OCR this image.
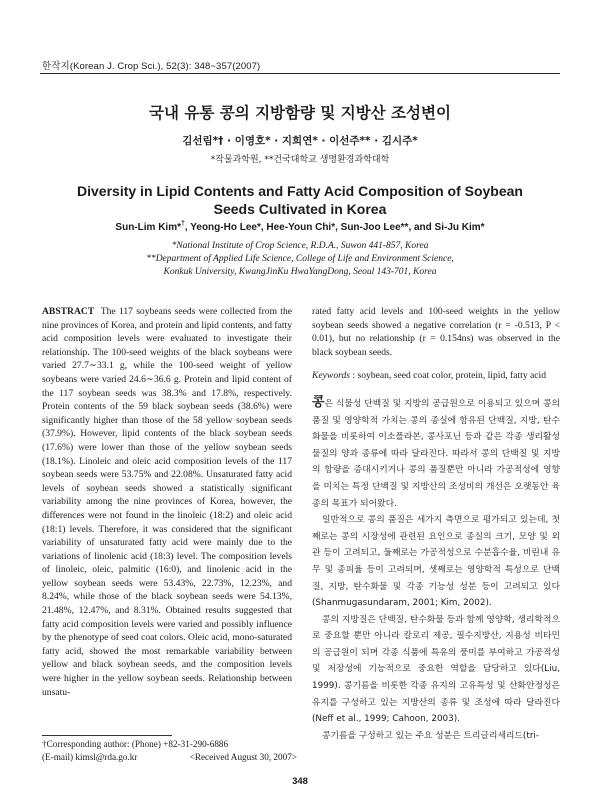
한작지(Korean J. Crop Sci.), 52(3): 348~357(2007)
국내 유통 콩의 지방함량 및 지방산 조성변이
김선림*† · 이영호* · 지희연* · 이선주** · 김시주*
*작물과학원, **건국대학교 생명환경과학대학
Diversity in Lipid Contents and Fatty Acid Composition of Soybean
Seeds Cultivated in Korea
Sun-Lim Kim*†, Yeong-Ho Lee*, Hee-Youn Chi*, Sun-Joo Lee**, and Si-Ju Kim*
*National Institute of Crop Science, R.D.A., Suwon 441-857, Korea
**Department of Applied Life Science, College of Life and Environment Science,
Konkuk University, KwangJinKu HwaYangDong, Seoul 143-701, Korea
ABSTRACT The 117 soybeans seeds were collected from the nine provinces of Korea, and protein and lipid contents, and fatty acid composition levels were evaluated to investigate their relationship. The 100-seed weights of the black soybeans were varied 27.7∼33.1 g, while the 100-seed weight of yellow soybeans were varied 24.6∼36.6 g. Protein and lipid content of the 117 soybean seeds was 38.3% and 17.8%, respectively. Protein contents of the 59 black soybean seeds (38.6%) were significantly higher than those of the 58 yellow soybean seeds (37.9%). However, lipid contents of the black soybean seeds (17.6%) were lower than those of the yellow soybean seeds (18.1%). Linoleic and oleic acid composition levels of the 117 soybean seeds were 53.75% and 22.08%. Unsaturated fatty acid levels of soybean seeds showed a statistically significant variability among the nine provinces of Korea, however, the differences were not found in the linoleic (18:2) and oleic acid (18:1) levels. Therefore, it was considered that the significant variability of unsaturated fatty acid were mainly due to the variations of linolenic acid (18:3) level. The composition levels of linoleic, oleic, palmitic (16:0), and linolenic acid in the yellow soybean seeds were 53.43%, 22.73%, 12.23%, and 8.24%, while those of the black soybean seeds were 54.13%, 21.48%, 12.47%, and 8.31%. Obtained results suggested that fatty acid composition levels were varied and possibly influence by the phenotype of seed coat colors. Oleic acid, mono-saturated fatty acid, showed the most remarkable variability between yellow and black soybean seeds, and the composition levels were higher in the yellow soybean seeds. Relationship between unsatu-
rated fatty acid levels and 100-seed weights in the yellow soybean seeds showed a negative correlation (r = -0.513, P < 0.01), but no relationship (r = 0.154ns) was observed in the black soybean seeds.
Keywords : soybean, seed coat color, protein, lipid, fatty acid

콩은 식물성 단백질 및 지방의 공급원으로 이용되고 있으며 콩의 품질 및 영양학적 가치는 콩의 종실에 함유된 단백질, 지방, 탄수화물을 비롯하여 이소플라본, 콩사포닌 등과 같은 각종 생리활성물질의 양과 종류에 따라 달라진다. 따라서 콩의 단백질 및 지방의 함량을 증대시키거나 콩의 품질뿐만 아니라 가공적성에 영향을 미치는 특정 단백질 및 지방산의 조성비의 개선은 오랫동안 육종의 목표가 되어왔다.

일반적으로 콩의 품질은 세가지 측면으로 평가되고 있는데, 첫째로는 콩의 시장성에 관련된 요인으로 종실의 크기, 모양 및 외관 등이 고려되고, 둘째로는 가공적성으로 수분흡수율, 비린내 유무 및 종피율 등이 고려되며, 셋째로는 영양학적 특성으로 단백질, 지방, 탄수화물 및 각종 기능성 성분 등이 고려되고 있다(Shanmugasundaram, 2001; Kim, 2002).

콩의 지방질은 단백질, 탄수화물 등과 함께 영양학, 생리학적으로 중요할 뿐만 아니라 칼로리 제공, 필수지방산, 지용성 비타민의 공급원이 되며 각종 식품에 특유의 풍미를 부여하고 가공적성 및 저장성에 기능적으로 중요한 역할을 담당하고 있다(Liu, 1999). 콩기름을 비롯한 각종 유지의 고유특성 및 산화안정성은 유지를 구성하고 있는 지방산의 종류 및 조성에 따라 달라진다(Neff et al., 1999; Cahoon, 2003).

콩기름을 구성하고 있는 주요 성분은 트리글리세리드(tri-

†Corresponding author: (Phone) +82-31-290-6886
(E-mail) kimsl@rda.go.kr	<Received August 30, 2007>
348
